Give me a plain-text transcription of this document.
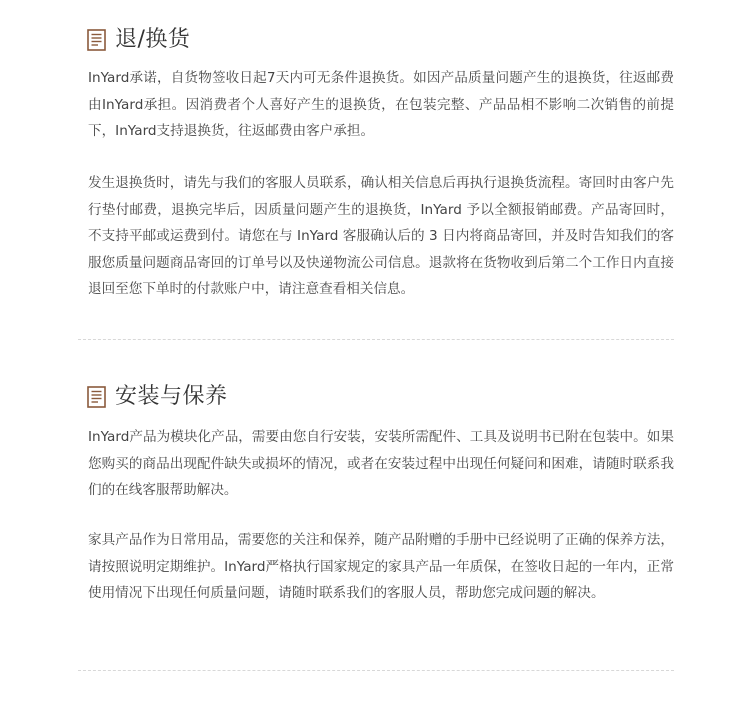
退/换货

InYard承诺，自货物签收日起7天内可无条件退换货。如因产品质量问题产生的退换货，往返邮费由InYard承担。因消费者个人喜好产生的退换货，在包装完整、产品品相不影响二次销售的前提下，InYard支持退换货，往返邮费由客户承担。

发生退换货时，请先与我们的客服人员联系，确认相关信息后再执行退换货流程。寄回时由客户先行垫付邮费，退换完毕后，因质量问题产生的退换货，InYard 予以全额报销邮费。产品寄回时，不支持平邮或运费到付。请您在与 InYard 客服确认后的 3 日内将商品寄回，并及时告知我们的客服您质量问题商品寄回的订单号以及快递物流公司信息。退款将在货物收到后第二个工作日内直接退回至您下单时的付款账户中，请注意查看相关信息。

安装与保养

InYard产品为模块化产品，需要由您自行安装，安装所需配件、工具及说明书已附在包装中。如果您购买的商品出现配件缺失或损坏的情况，或者在安装过程中出现任何疑问和困难，请随时联系我们的在线客服帮助解决。

家具产品作为日常用品，需要您的关注和保养，随产品附赠的手册中已经说明了正确的保养方法，请按照说明定期维护。InYard严格执行国家规定的家具产品一年质保，在签收日起的一年内，正常使用情况下出现任何质量问题，请随时联系我们的客服人员，帮助您完成问题的解决。
